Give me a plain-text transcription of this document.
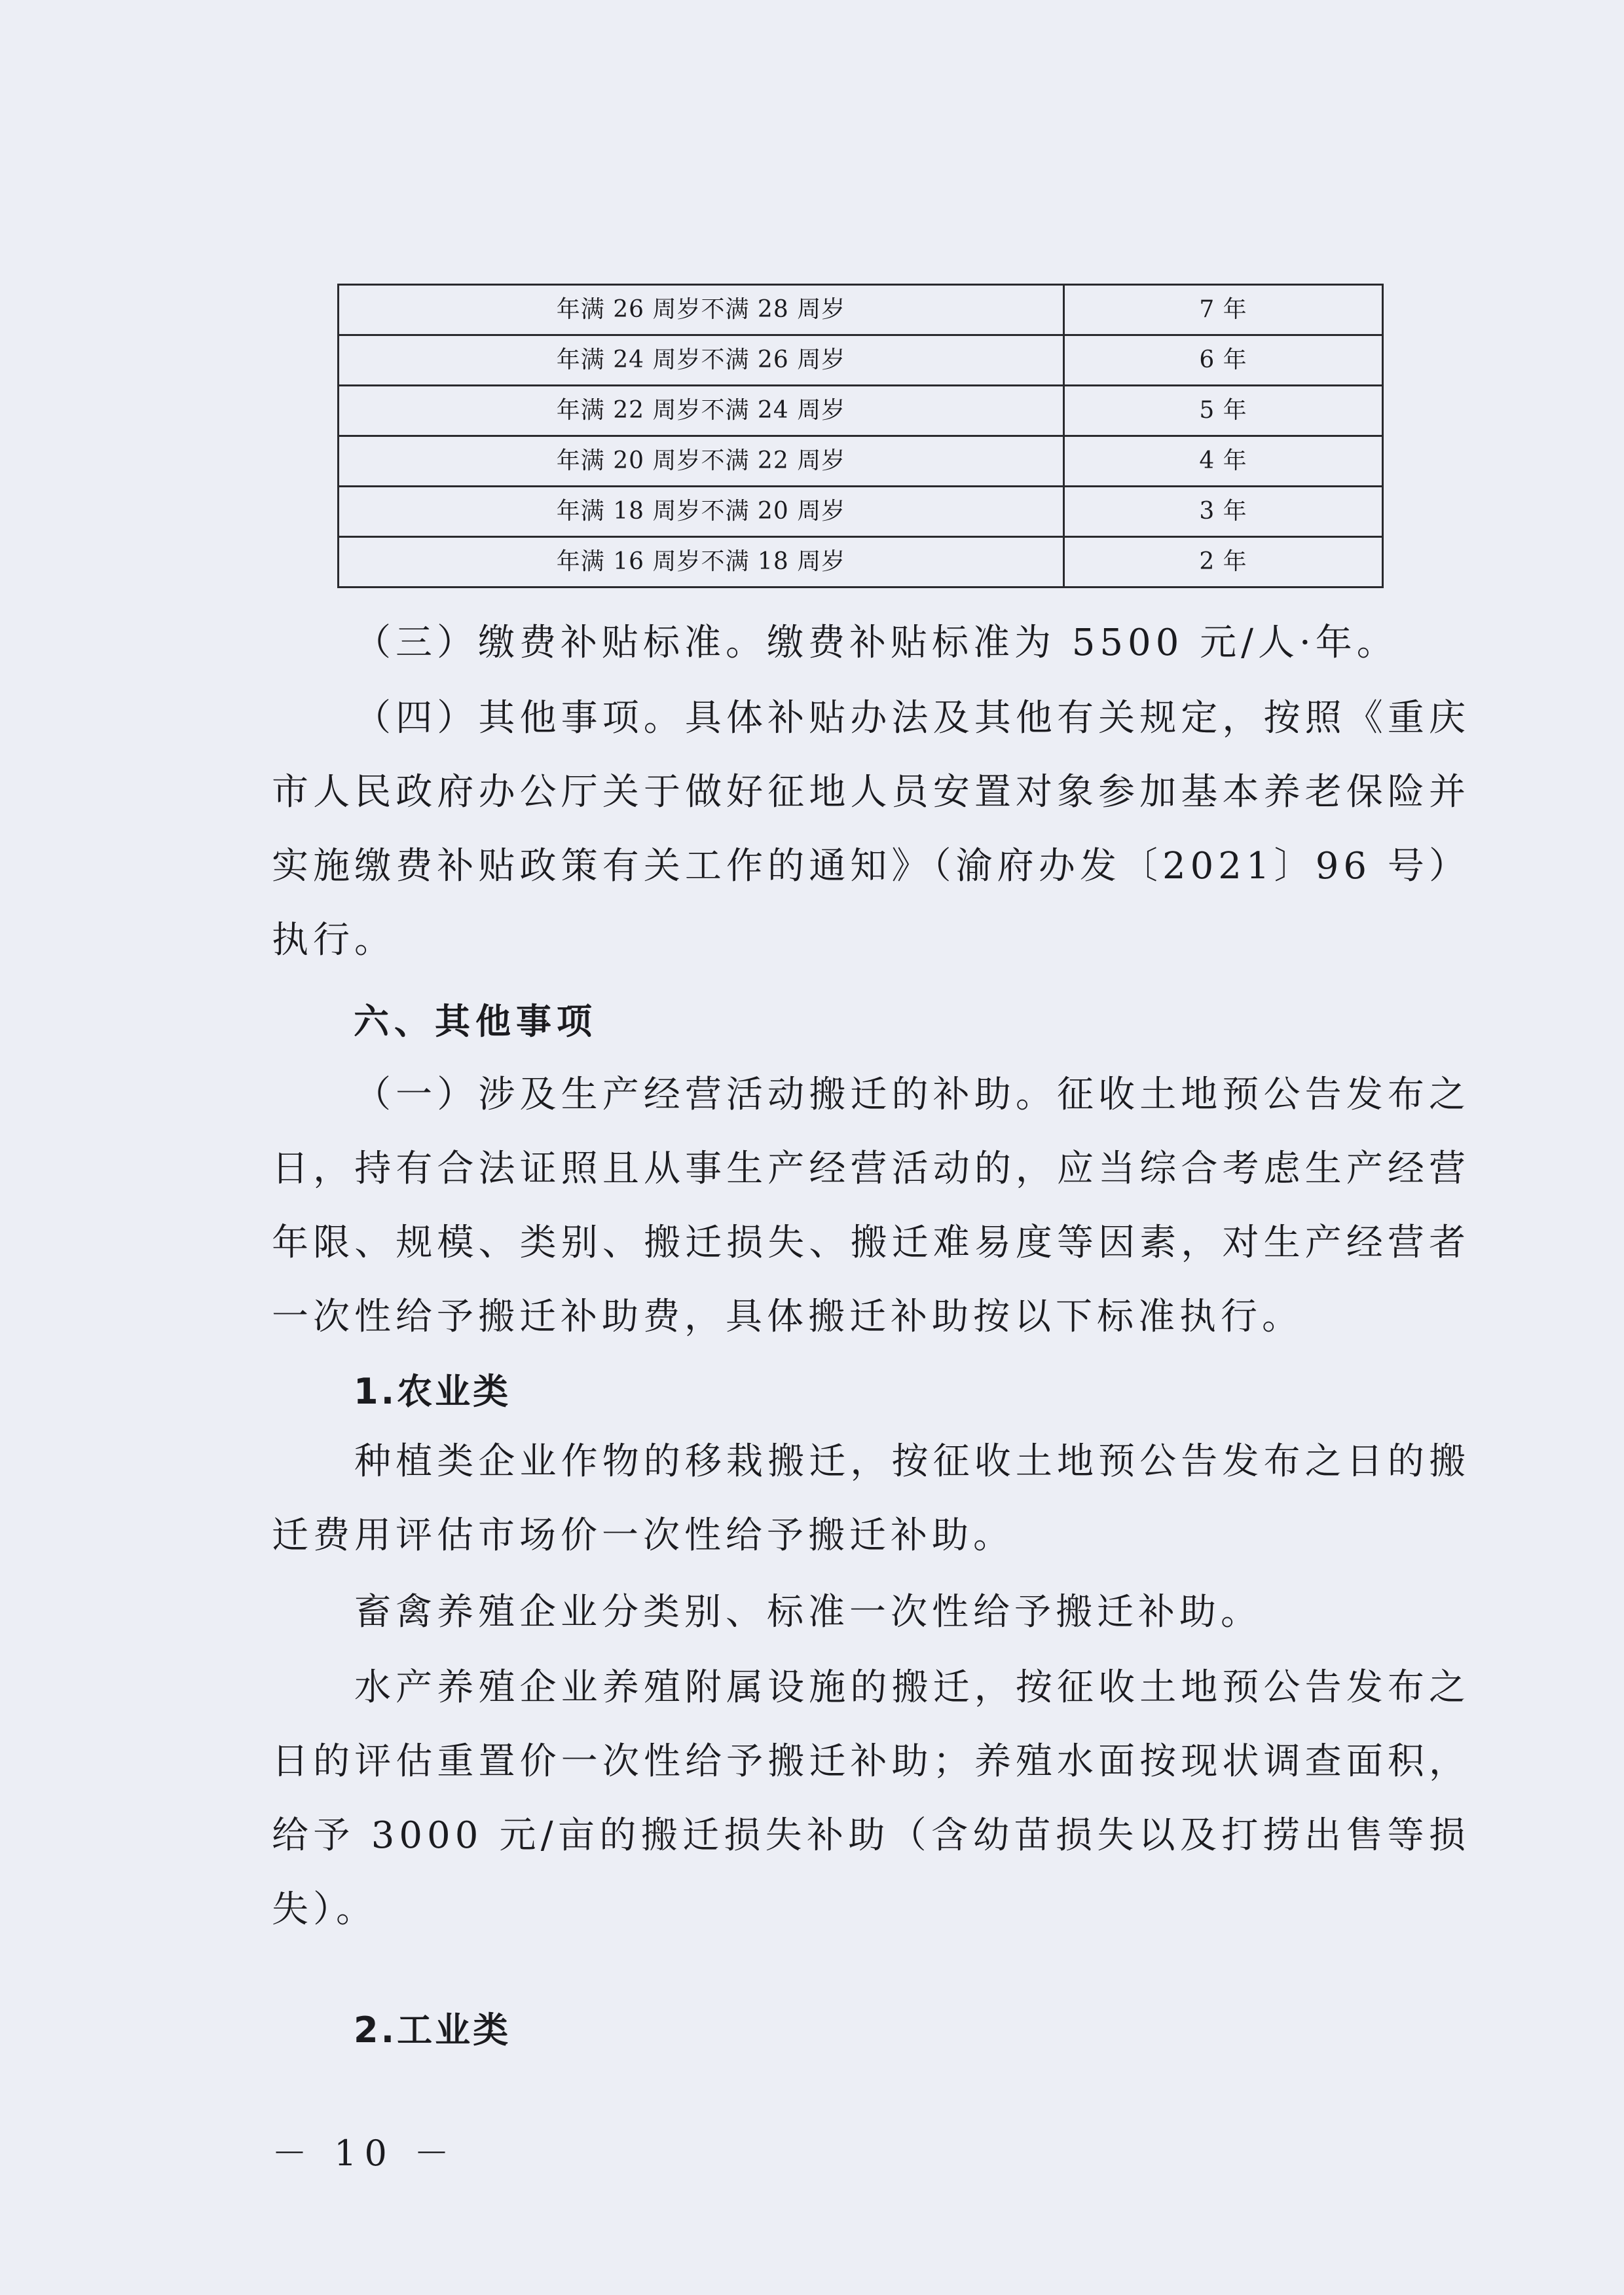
年满 26 周岁不满 28 周岁	7 年
年满 24 周岁不满 26 周岁	6 年
年满 22 周岁不满 24 周岁	5 年
年满 20 周岁不满 22 周岁	4 年
年满 18 周岁不满 20 周岁	3 年
年满 16 周岁不满 18 周岁	2 年

（三）缴费补贴标准。缴费补贴标准为 5500 元/人·年。

（四）其他事项。具体补贴办法及其他有关规定，按照《重庆市人民政府办公厅关于做好征地人员安置对象参加基本养老保险并实施缴费补贴政策有关工作的通知》（渝府办发〔2021〕96 号）执行。

六、其他事项

（一）涉及生产经营活动搬迁的补助。征收土地预公告发布之日，持有合法证照且从事生产经营活动的，应当综合考虑生产经营年限、规模、类别、搬迁损失、搬迁难易度等因素，对生产经营者一次性给予搬迁补助费，具体搬迁补助按以下标准执行。

1.农业类

种植类企业作物的移栽搬迁，按征收土地预公告发布之日的搬迁费用评估市场价一次性给予搬迁补助。

畜禽养殖企业分类别、标准一次性给予搬迁补助。

水产养殖企业养殖附属设施的搬迁，按征收土地预公告发布之日的评估重置价一次性给予搬迁补助；养殖水面按现状调查面积，给予 3000 元/亩的搬迁损失补助（含幼苗损失以及打捞出售等损失）。

2.工业类

－ 10 －
